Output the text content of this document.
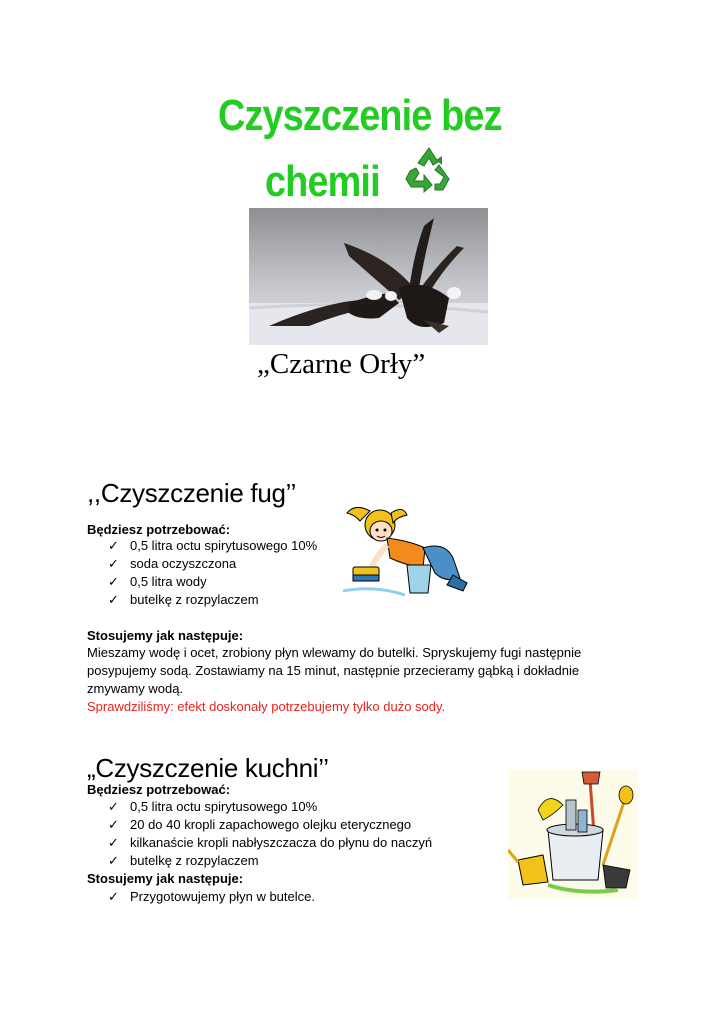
Czyszczenie bez
chemii
„Czarne Orły”
,,Czyszczenie fug’’
Będziesz potrzebować:
✓ 0,5 litra octu spirytusowego 10%
✓ soda oczyszczona
✓ 0,5 litra wody
✓ butelkę z rozpylaczem
Stosujemy jak następuje:
Mieszamy wodę i ocet, zrobiony płyn wlewamy do butelki. Spryskujemy fugi następnie
posypujemy sodą. Zostawiamy na 15 minut, następnie przecieramy gąbką i dokładnie
zmywamy wodą.
Sprawdziliśmy: efekt doskonały potrzebujemy tylko dużo sody.
„Czyszczenie kuchni’’
Będziesz potrzebować:
✓ 0,5 litra octu spirytusowego 10%
✓ 20 do 40 kropli zapachowego olejku eterycznego
✓ kilkanaście kropli nabłyszczacza do płynu do naczyń
✓ butelkę z rozpylaczem
Stosujemy jak następuje:
✓ Przygotowujemy płyn w butelce.
